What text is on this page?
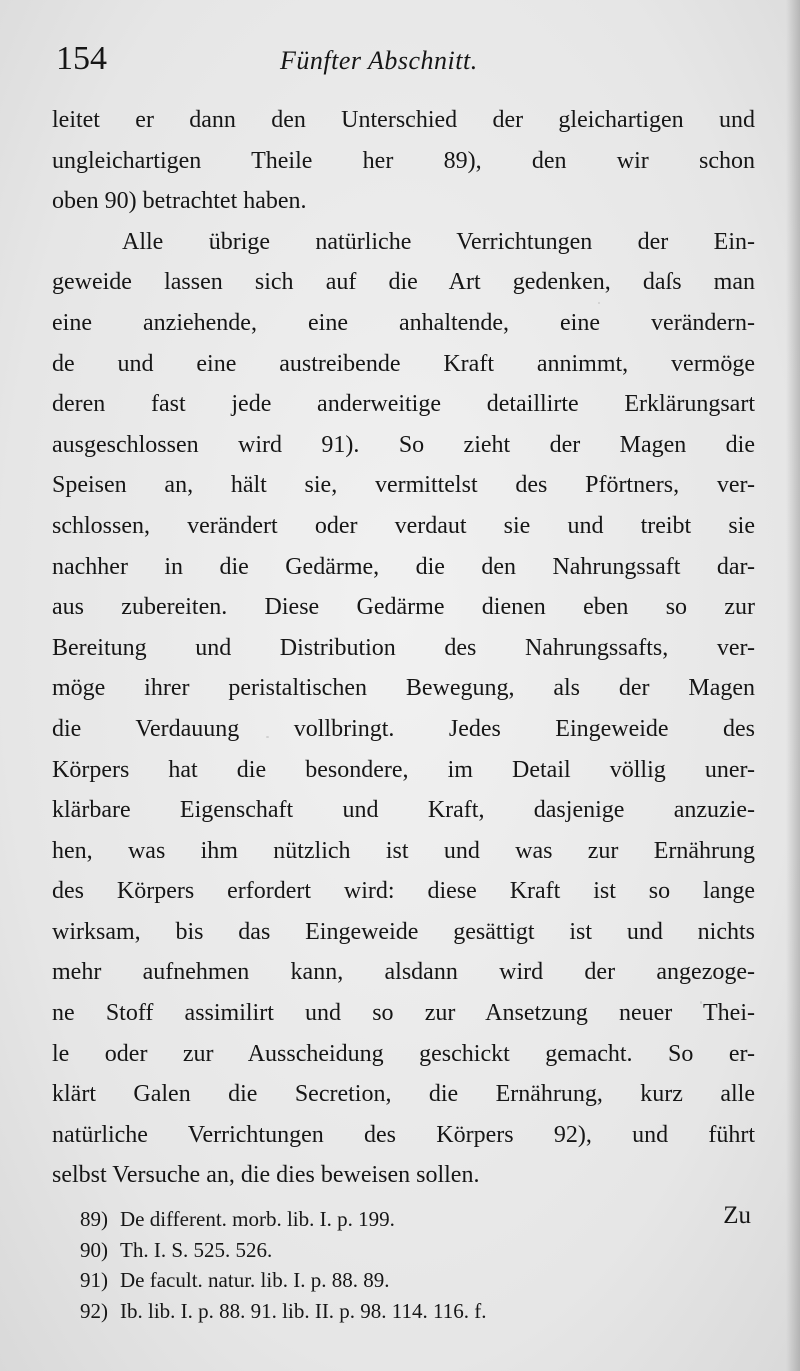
154	Fünfter Abschnitt.
leitet er dann den Unterschied der gleichartigen und
ungleichartigen Theile her 89), den wir schon
oben 90) betrachtet haben.
Alle übrige natürliche Verrichtungen der Ein-
geweide lassen sich auf die Art gedenken, daſs man
eine anziehende, eine anhaltende, eine verändern-
de und eine austreibende Kraft annimmt, vermöge
deren fast jede anderweitige detaillirte Erklärungsart
ausgeschlossen wird 91). So zieht der Magen die
Speisen an, hält sie, vermittelst des Pförtners, ver-
schlossen, verändert oder verdaut sie und treibt sie
nachher in die Gedärme, die den Nahrungssaft dar-
aus zubereiten. Diese Gedärme dienen eben so zur
Bereitung und Distribution des Nahrungssafts, ver-
möge ihrer peristaltischen Bewegung, als der Magen
die Verdauung vollbringt. Jedes Eingeweide des
Körpers hat die besondere, im Detail völlig uner-
klärbare Eigenschaft und Kraft, dasjenige anzuzie-
hen, was ihm nützlich ist und was zur Ernährung
des Körpers erfordert wird: diese Kraft ist so lange
wirksam, bis das Eingeweide gesättigt ist und nichts
mehr aufnehmen kann, alsdann wird der angezoge-
ne Stoff assimilirt und so zur Ansetzung neuer Thei-
le oder zur Ausscheidung geschickt gemacht. So er-
klärt Galen die Secretion, die Ernährung, kurz alle
natürliche Verrichtungen des Körpers 92), und führt
selbst Versuche an, die dies beweisen sollen.
Zu
89) De different. morb. lib. I. p. 199.
90) Th. I. S. 525. 526.
91) De facult. natur. lib. I. p. 88. 89.
92) Ib. lib. I. p. 88. 91. lib. II. p. 98. 114. 116. f.
